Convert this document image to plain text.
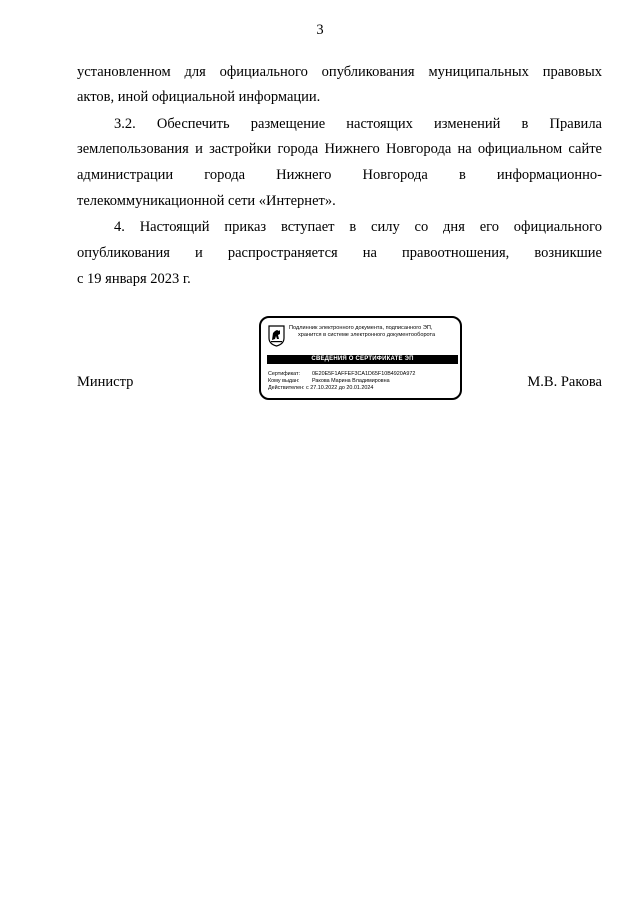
3
установленном для официального опубликования муниципальных правовых
актов, иной официальной информации.
3.2. Обеспечить размещение настоящих изменений в Правила
землепользования и застройки города Нижнего Новгорода на официальном сайте
администрации города Нижнего Новгорода в информационно-
телекоммуникационной сети «Интернет».
4. Настоящий приказ вступает в силу со дня его официального
опубликования и распространяется на правоотношения, возникшие
с 19 января 2023 г.
Министр	М.В. Ракова
Подлинник электронного документа, подписанного ЭП,
хранится в системе электронного документооборота
СВЕДЕНИЯ О СЕРТИФИКАТЕ ЭП
Сертификат: 0E20E5F1AFFEF3CA1D65F10B4920A972
Кому выдан: Ракова Марина Владимировна
Действителен: с 27.10.2022 до 20.01.2024
